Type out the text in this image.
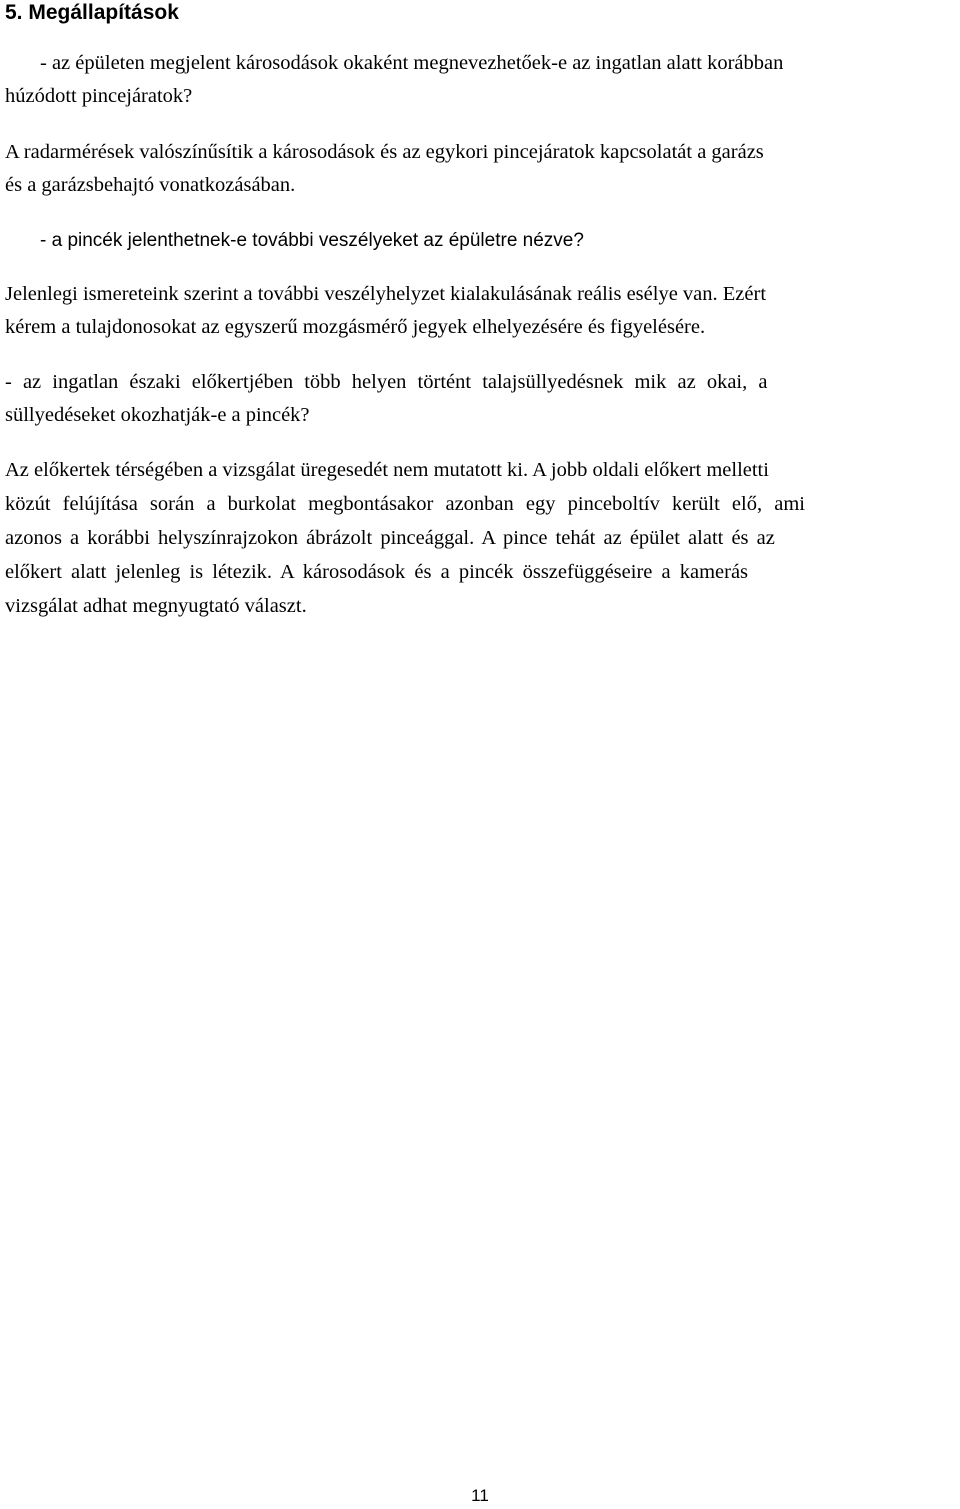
5. Megállapítások
- az épületen megjelent károsodások okaként megnevezhetőek-e az ingatlan alatt korábban
húzódott pincejáratok?
A radarmérések valószínűsítik a károsodások és az egykori pincejáratok kapcsolatát a garázs
és a garázsbehajtó vonatkozásában.
- a pincék jelenthetnek-e további veszélyeket az épületre nézve?
Jelenlegi ismereteink szerint a további veszélyhelyzet kialakulásának reális esélye van. Ezért
kérem a tulajdonosokat az egyszerű mozgásmérő jegyek elhelyezésére és figyelésére.
- az ingatlan északi előkertjében több helyen történt talajsüllyedésnek mik az okai, a
süllyedéseket okozhatják-e a pincék?
Az előkertek térségében a vizsgálat üregesedét nem mutatott ki. A jobb oldali előkert melletti
közút felújítása során a burkolat megbontásakor azonban egy pinceboltív került elő, ami
azonos a korábbi helyszínrajzokon ábrázolt pinceággal. A pince tehát az épület alatt és az
előkert alatt jelenleg is létezik. A károsodások és a pincék összefüggéseire a kamerás
vizsgálat adhat megnyugtató választ.
11
